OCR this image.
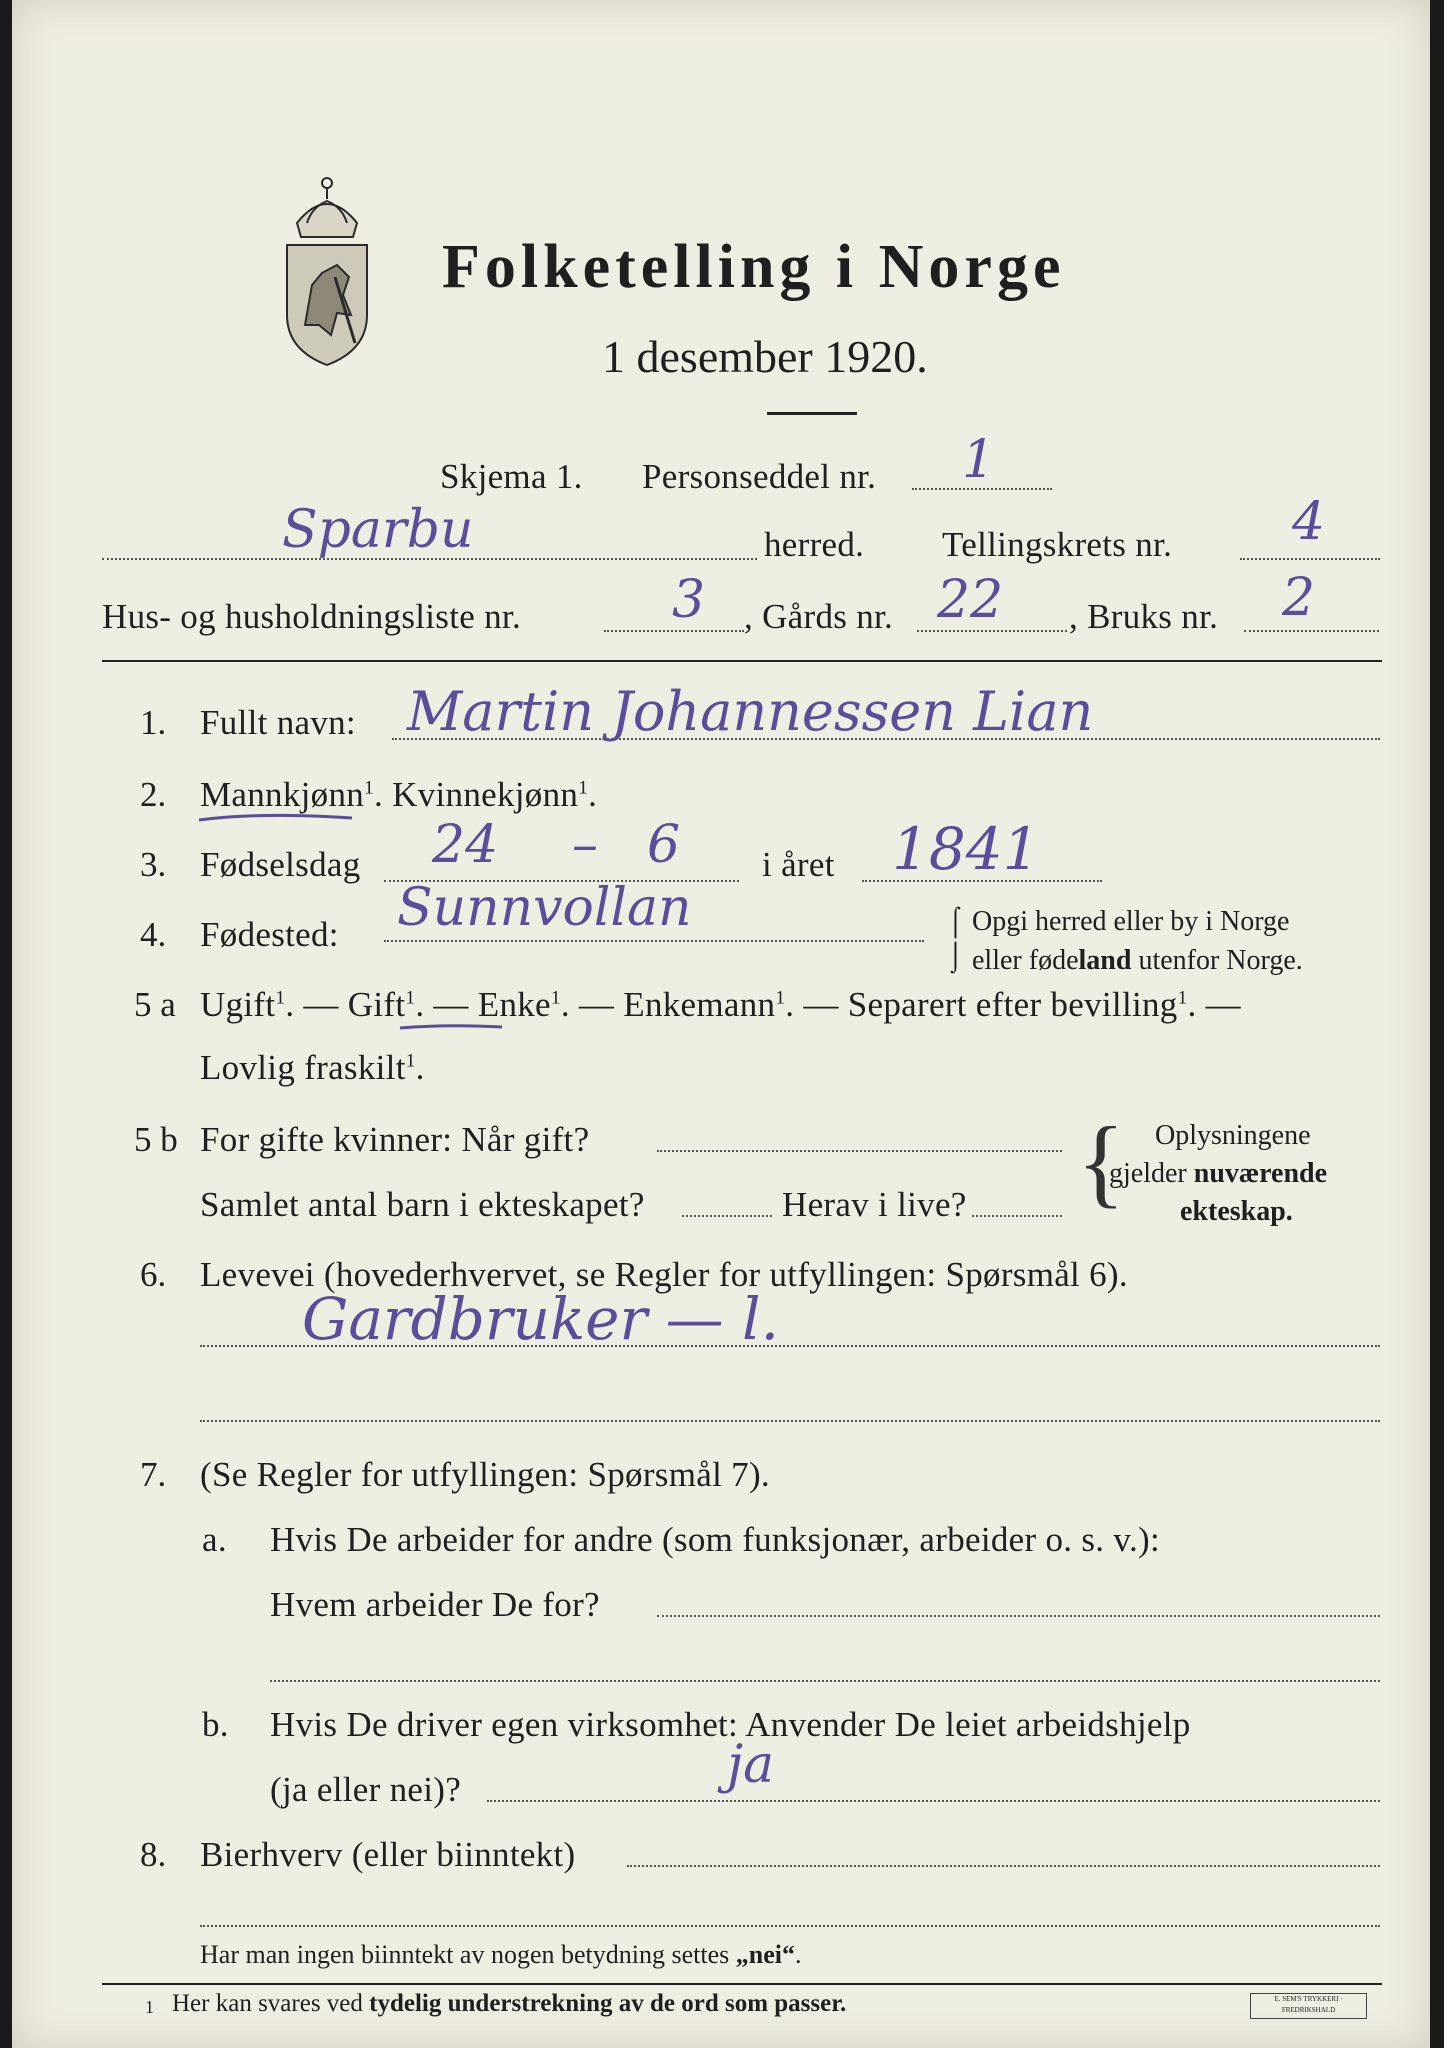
Folketelling i Norge
1 desember 1920.
Skjema 1. Personseddel nr. 1
Sparbu	herred. Tellingskrets nr. 4
Hus- og husholdningsliste nr.	3 , Gårds nr. 22 , Bruks nr. 2
1. Fullt navn: Martin Johannessen Lian
2. Mannkjønn$^1$. Kvinnekjønn$^1$.
3. Fødselsdag 24 – 6 i året 1841
4. Fødested: Sunnvollan	⌠
⌡
Opgi herred eller by i Norge
eller fødeland utenfor Norge.
5 a Ugift$^1$. — Gift$^1$. — Enke$^1$. — Enkemann$^1$. — Separert efter bevilling$^1$. —
Lovlig fraskilt$^1$.
5 b For gifte kvinner: Når gift?
Samlet antal barn i ekteskapet?	Herav i live? { Oplysningene
gjelder nuværende
ekteskap.
6. Levevei (hovederhvervet, se Regler for utfyllingen: Spørsmål 6).
Gardbruker — l.
7. (Se Regler for utfyllingen: Spørsmål 7).
a. Hvis De arbeider for andre (som funksjonær, arbeider o. s. v.):
Hvem arbeider De for?
b. Hvis De driver egen virksomhet: Anvender De leiet arbeidshjelp
(ja eller nei)?	ja
8. Bierhverv (eller biinntekt)
Har man ingen biinntekt av nogen betydning settes „nei“.
1 Her kan svares ved tydelig understrekning av de ord som passer.	E. SEM'S TRYKKERI · FREDRIKSHALD
